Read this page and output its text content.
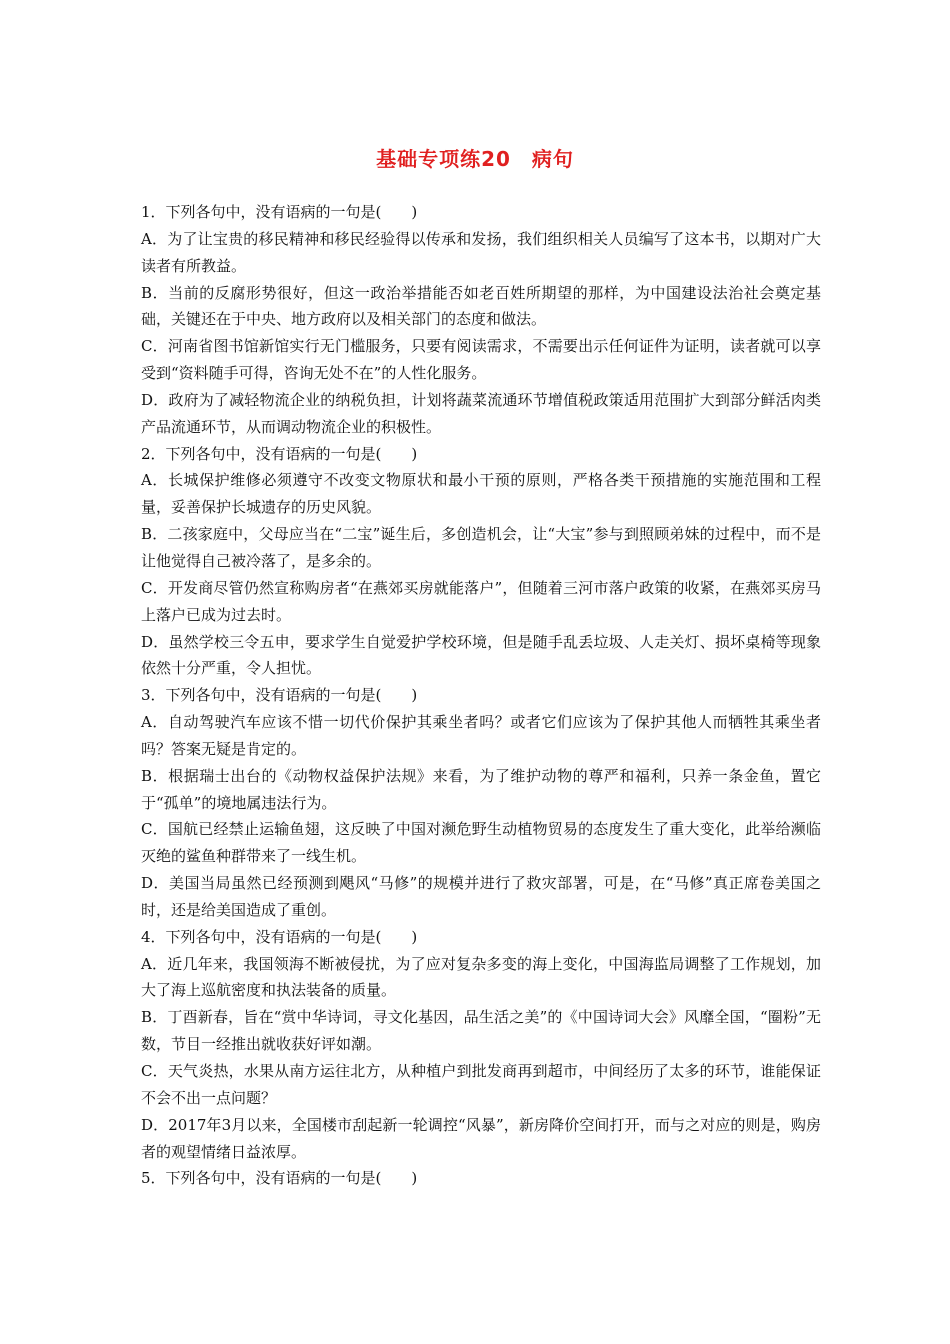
基础专项练20　病句
1．下列各句中，没有语病的一句是(　　)
A．为了让宝贵的移民精神和移民经验得以传承和发扬，我们组织相关人员编写了这本书，以期对广大读者有所教益。
B．当前的反腐形势很好，但这一政治举措能否如老百姓所期望的那样，为中国建设法治社会奠定基础，关键还在于中央、地方政府以及相关部门的态度和做法。
C．河南省图书馆新馆实行无门槛服务，只要有阅读需求，不需要出示任何证件为证明，读者就可以享受到“资料随手可得，咨询无处不在”的人性化服务。
D．政府为了减轻物流企业的纳税负担，计划将蔬菜流通环节增值税政策适用范围扩大到部分鲜活肉类产品流通环节，从而调动物流企业的积极性。
2．下列各句中，没有语病的一句是(　　)
A．长城保护维修必须遵守不改变文物原状和最小干预的原则，严格各类干预措施的实施范围和工程量，妥善保护长城遗存的历史风貌。
B．二孩家庭中，父母应当在“二宝”诞生后，多创造机会，让“大宝”参与到照顾弟妹的过程中，而不是让他觉得自己被冷落了，是多余的。
C．开发商尽管仍然宣称购房者“在燕郊买房就能落户”，但随着三河市落户政策的收紧，在燕郊买房马上落户已成为过去时。
D．虽然学校三令五申，要求学生自觉爱护学校环境，但是随手乱丢垃圾、人走关灯、损坏桌椅等现象依然十分严重，令人担忧。
3．下列各句中，没有语病的一句是(　　)
A．自动驾驶汽车应该不惜一切代价保护其乘坐者吗？或者它们应该为了保护其他人而牺牲其乘坐者吗？答案无疑是肯定的。
B．根据瑞士出台的《动物权益保护法规》来看，为了维护动物的尊严和福利，只养一条金鱼，置它于“孤单”的境地属违法行为。
C．国航已经禁止运输鱼翅，这反映了中国对濒危野生动植物贸易的态度发生了重大变化，此举给濒临灭绝的鲨鱼种群带来了一线生机。
D．美国当局虽然已经预测到飓风“马修”的规模并进行了救灾部署，可是，在“马修”真正席卷美国之时，还是给美国造成了重创。
4．下列各句中，没有语病的一句是(　　)
A．近几年来，我国领海不断被侵扰，为了应对复杂多变的海上变化，中国海监局调整了工作规划，加大了海上巡航密度和执法装备的质量。
B．丁酉新春，旨在“赏中华诗词，寻文化基因，品生活之美”的《中国诗词大会》风靡全国，“圈粉”无数，节目一经推出就收获好评如潮。
C．天气炎热，水果从南方运往北方，从种植户到批发商再到超市，中间经历了太多的环节，谁能保证不会不出一点问题？
D．2017年3月以来，全国楼市刮起新一轮调控“风暴”，新房降价空间打开，而与之对应的则是，购房者的观望情绪日益浓厚。
5．下列各句中，没有语病的一句是(　　)
